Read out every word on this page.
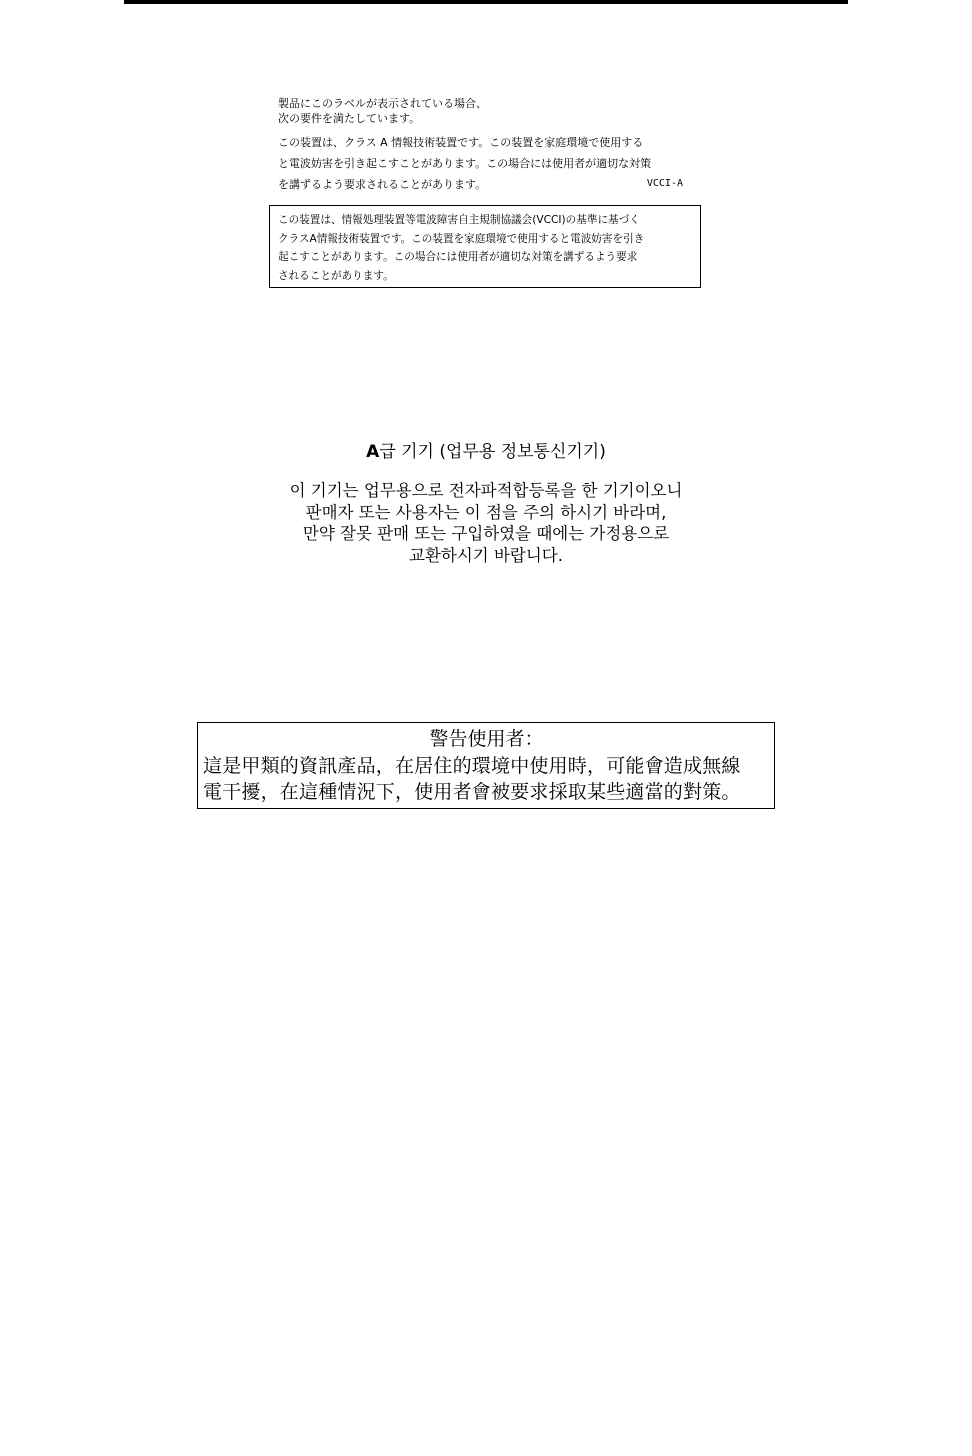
製品にこのラベルが表示されている場合、
次の要件を満たしています。

この装置は、クラス A 情報技術装置です。この装置を家庭環境で使用する
と電波妨害を引き起こすことがあります。この場合には使用者が適切な対策
を講ずるよう要求されることがあります。	VCCI-A
この装置は、情報処理装置等電波障害自主規制協議会(VCCI)の基準に基づく
クラスA情報技術装置です。この装置を家庭環境で使用すると電波妨害を引き
起こすことがあります。この場合には使用者が適切な対策を講ずるよう要求
されることがあります。

A급 기기 (업무용 정보통신기기)

이 기기는 업무용으로 전자파적합등록을 한 기기이오니
판매자 또는 사용자는 이 점을 주의 하시기 바라며,
만약 잘못 판매 또는 구입하였을 때에는 가정용으로
교환하시기 바랍니다.

警告使用者：

這是甲類的資訊產品，在居住的環境中使用時，可能會造成無線
電干擾，在這種情況下，使用者會被要求採取某些適當的對策。
